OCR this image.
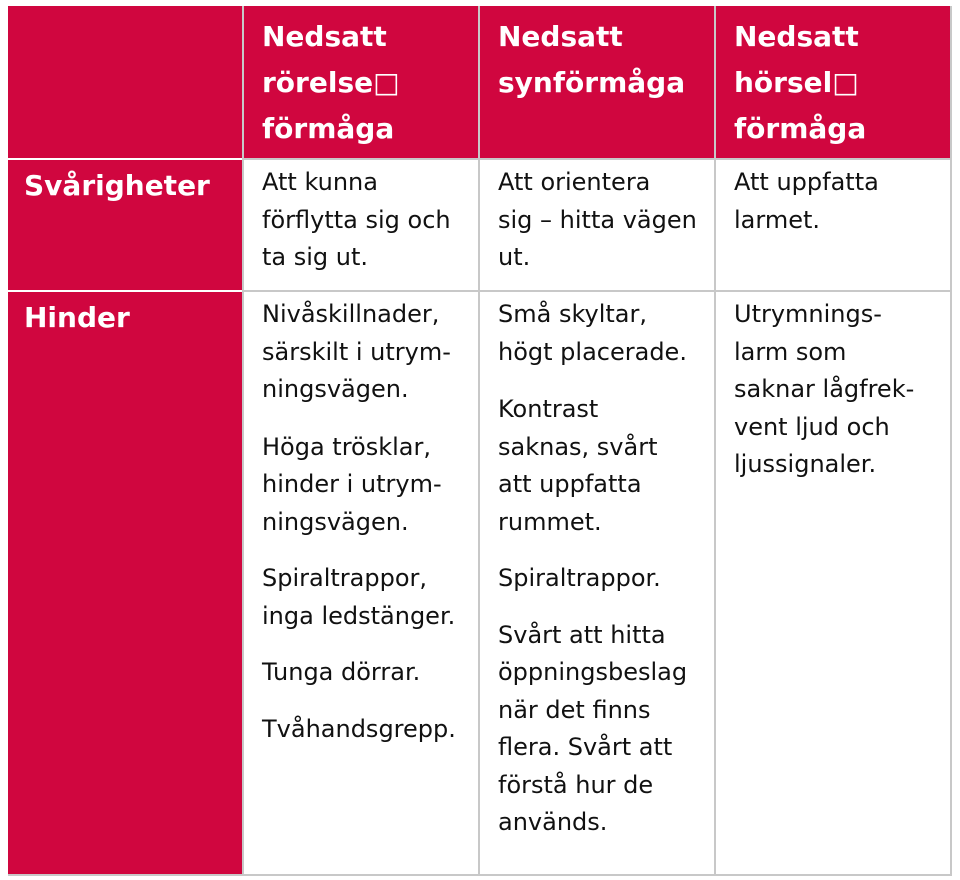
Nedsatt
rörelse□
förmåga
Nedsatt
synförmåga
Nedsatt
hörsel□
förmåga
Svårigheter	Att kunna
förflytta sig och
ta sig ut.
Att orientera
sig – hitta vägen
ut.
Att uppfatta
larmet.
Hinder	Nivåskillnader,
särskilt i utrym-
ningsvägen.
Höga trösklar,
hinder i utrym-
ningsvägen.
Spiraltrappor,
inga ledstänger.
Tunga dörrar.
Tvåhandsgrepp.
Små skyltar,
högt placerade.
Kontrast
saknas, svårt
att uppfatta
rummet.
Spiraltrappor.
Svårt att hitta
öppningsbeslag
när det finns
flera. Svårt att
förstå hur de
används.
Utrymnings-
larm som
saknar lågfrek-
vent ljud och
ljussignaler.
